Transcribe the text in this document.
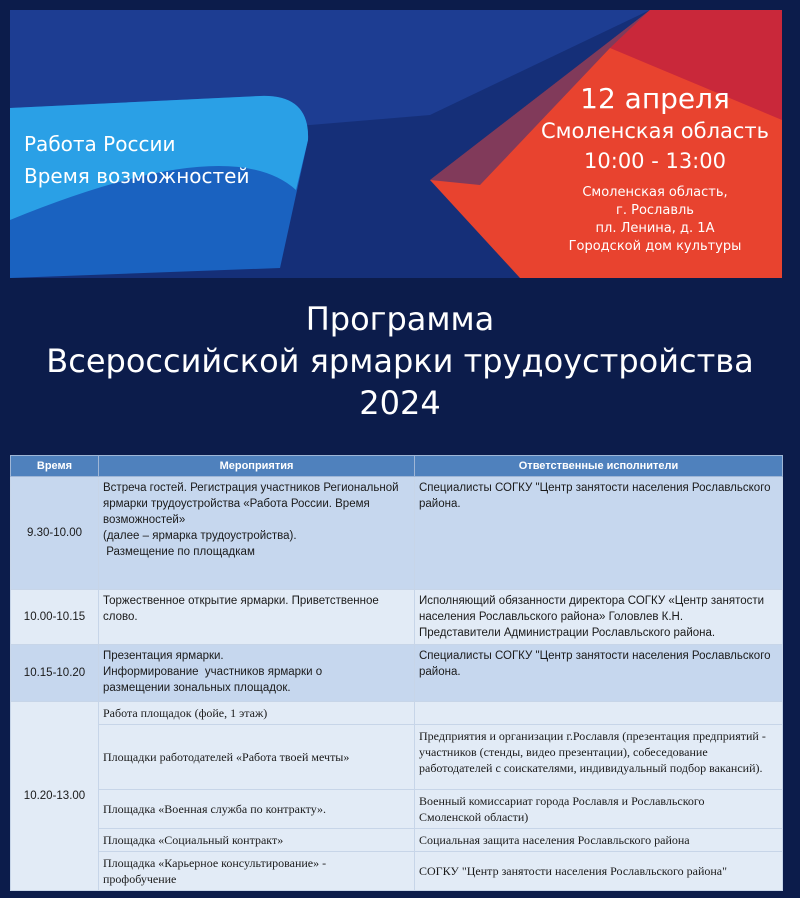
Работа России
Время возможностей
12 апреля
Смоленская область
10:00 - 13:00
Смоленская область,
г. Рославль
пл. Ленина, д. 1А
Городской дом культуры
Программа
Всероссийской ярмарки трудоустройства
2024
Время	Мероприятия	Ответственные исполнители
9.30-10.00	Встреча гостей. Регистрация участников Региональной
ярмарки трудоустройства «Работа России. Время
возможностей»
(далее – ярмарка трудоустройства).
Размещение по площадкам	Специалисты СОГКУ "Центр занятости населения Рославльского
района.

10.00-10.15	Торжественное открытие ярмарки. Приветственное
слово.	Исполняющий обязанности директора СОГКУ «Центр занятости
населения Рославльского района» Головлев К.Н.
Представители Администрации Рославльского района.

10.15-10.20	Презентация ярмарки.
Информирование  участников ярмарки о
размещении зональных площадок.	Специалисты СОГКУ "Центр занятости населения Рославльского
района.

10.20-13.00	Работа площадок (фойе, 1 этаж)	
	Площадки работодателей «Работа твоей мечты»	Предприятия и организации г.Рославля (презентация предприятий -
участников (стенды, видео презентации), собеседование
работодателей с соискателями, индивидуальный подбор вакансий).

	Площадка «Военная служба по контракту».	Военный комиссариат города Рославля и Рославльского
Смоленской области)

	Площадка «Социальный контракт»	Социальная защита населения Рославльского района

	Площадка «Карьерное консультирование» -
профобучение	СОГКУ "Центр занятости населения Рославльского района"
